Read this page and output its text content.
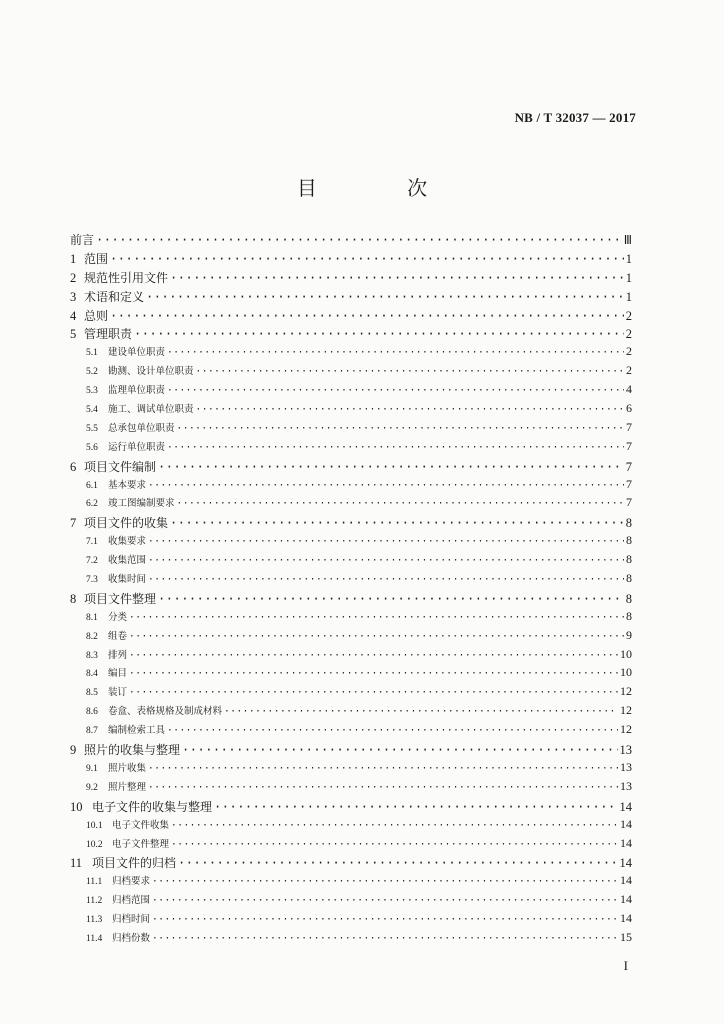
NB / T 32037 — 2017
目 次
前言 ·····	Ⅲ
1 范围 ·····	1
2 规范性引用文件 ·····	1
3 术语和定义 ·····	1
4 总则 ·····	2
5 管理职责 ·····	2
5.1	建设单位职责 ·····	2
5.2	勘测、设计单位职责 ·····	2
5.3	监理单位职责 ·····	4
5.4	施工、调试单位职责 ·····	6
5.5	总承包单位职责 ·····	7
5.6	运行单位职责 ·····	7
6 项目文件编制 ·····	7
6.1	基本要求 ·····	7
6.2	竣工图编制要求 ·····	7
7 项目文件的收集 ·····	8
7.1	收集要求 ·····	8
7.2	收集范围 ·····	8
7.3	收集时间 ·····	8
8 项目文件整理 ·····	8
8.1	分类 ·····	8
8.2	组卷 ·····	9
8.3	排列 ·····	10
8.4	编目 ·····	10
8.5	装订 ·····	12
8.6	卷盒、表格规格及制成材料 ·····	12
8.7	编制检索工具 ·····	12
9 照片的收集与整理 ·····	13
9.1	照片收集 ·····	13
9.2	照片整理 ·····	13
10 电子文件的收集与整理 ·····	14
10.1 电子文件收集 ·····	14
10.2 电子文件整理 ·····	14
11 项目文件的归档 ·····	14
11.1	归档要求 ·····	14
11.2	归档范围 ·····	14
11.3	归档时间 ·····	14
11.4	归档份数 ·····	15
I
